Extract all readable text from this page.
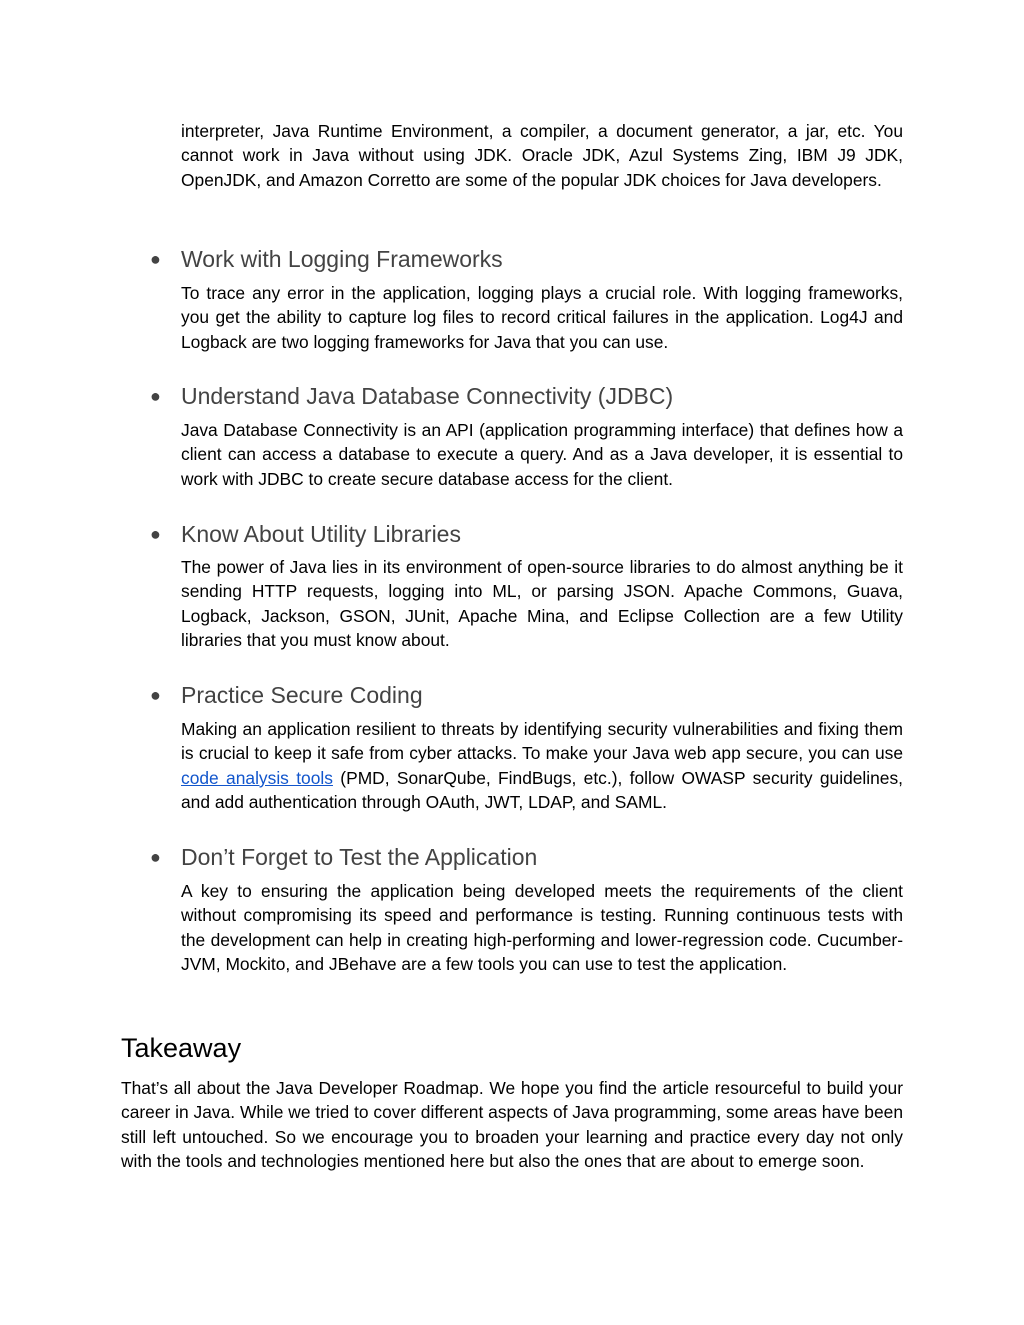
interpreter, Java Runtime Environment, a compiler, a document generator, a jar, etc. You cannot work in Java without using JDK. Oracle JDK, Azul Systems Zing, IBM J9 JDK, OpenJDK, and Amazon Corretto are some of the popular JDK choices for Java developers.

● Work with Logging Frameworks

To trace any error in the application, logging plays a crucial role. With logging frameworks, you get the ability to capture log files to record critical failures in the application. Log4J and Logback are two logging frameworks for Java that you can use.

● Understand Java Database Connectivity (JDBC)

Java Database Connectivity is an API (application programming interface) that defines how a client can access a database to execute a query. And as a Java developer, it is essential to work with JDBC to create secure database access for the client.

● Know About Utility Libraries

The power of Java lies in its environment of open-source libraries to do almost anything be it sending HTTP requests, logging into ML, or parsing JSON. Apache Commons, Guava, Logback, Jackson, GSON, JUnit, Apache Mina, and Eclipse Collection are a few Utility libraries that you must know about.

● Practice Secure Coding

Making an application resilient to threats by identifying security vulnerabilities and fixing them is crucial to keep it safe from cyber attacks. To make your Java web app secure, you can use code analysis tools (PMD, SonarQube, FindBugs, etc.), follow OWASP security guidelines, and add authentication through OAuth, JWT, LDAP, and SAML.

● Don’t Forget to Test the Application

A key to ensuring the application being developed meets the requirements of the client without compromising its speed and performance is testing. Running continuous tests with the development can help in creating high-performing and lower-regression code. Cucumber-JVM, Mockito, and JBehave are a few tools you can use to test the application.

Takeaway

That’s all about the Java Developer Roadmap. We hope you find the article resourceful to build your career in Java. While we tried to cover different aspects of Java programming, some areas have been still left untouched. So we encourage you to broaden your learning and practice every day not only with the tools and technologies mentioned here but also the ones that are about to emerge soon.
